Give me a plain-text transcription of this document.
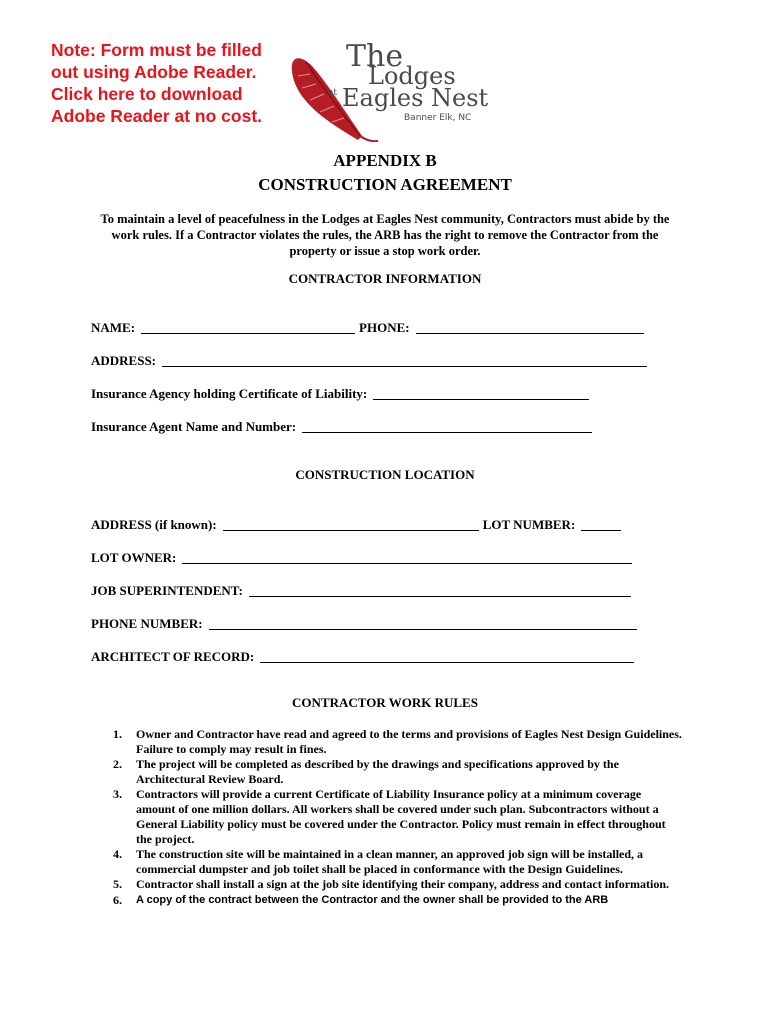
Note: Form must be filled
out using Adobe Reader.
Click here to download
Adobe Reader at no cost.
The
Lodges
at Eagles Nest
Banner Elk, NC
APPENDIX B
CONSTRUCTION AGREEMENT
To maintain a level of peacefulness in the Lodges at Eagles Nest community, Contractors must abide by the work rules. If a Contractor violates the rules, the ARB has the right to remove the Contractor from the property or issue a stop work order.
CONTRACTOR INFORMATION
NAME:	PHONE:
ADDRESS:
Insurance Agency holding Certificate of Liability:
Insurance Agent Name and Number:
CONSTRUCTION LOCATION
ADDRESS (if known):	LOT NUMBER:
LOT OWNER:
JOB SUPERINTENDENT:
PHONE NUMBER:
ARCHITECT OF RECORD:
CONTRACTOR WORK RULES
1. Owner and Contractor have read and agreed to the terms and provisions of Eagles Nest Design Guidelines. Failure to comply may result in fines.
2. The project will be completed as described by the drawings and specifications approved by the Architectural Review Board.
3. Contractors will provide a current Certificate of Liability Insurance policy at a minimum coverage amount of one million dollars. All workers shall be covered under such plan. Subcontractors without a General Liability policy must be covered under the Contractor. Policy must remain in effect throughout the project.
4. The construction site will be maintained in a clean manner, an approved job sign will be installed, a commercial dumpster and job toilet shall be placed in conformance with the Design Guidelines.
5. Contractor shall install a sign at the job site identifying their company, address and contact information.
6. A copy of the contract between the Contractor and the owner shall be provided to the ARB
